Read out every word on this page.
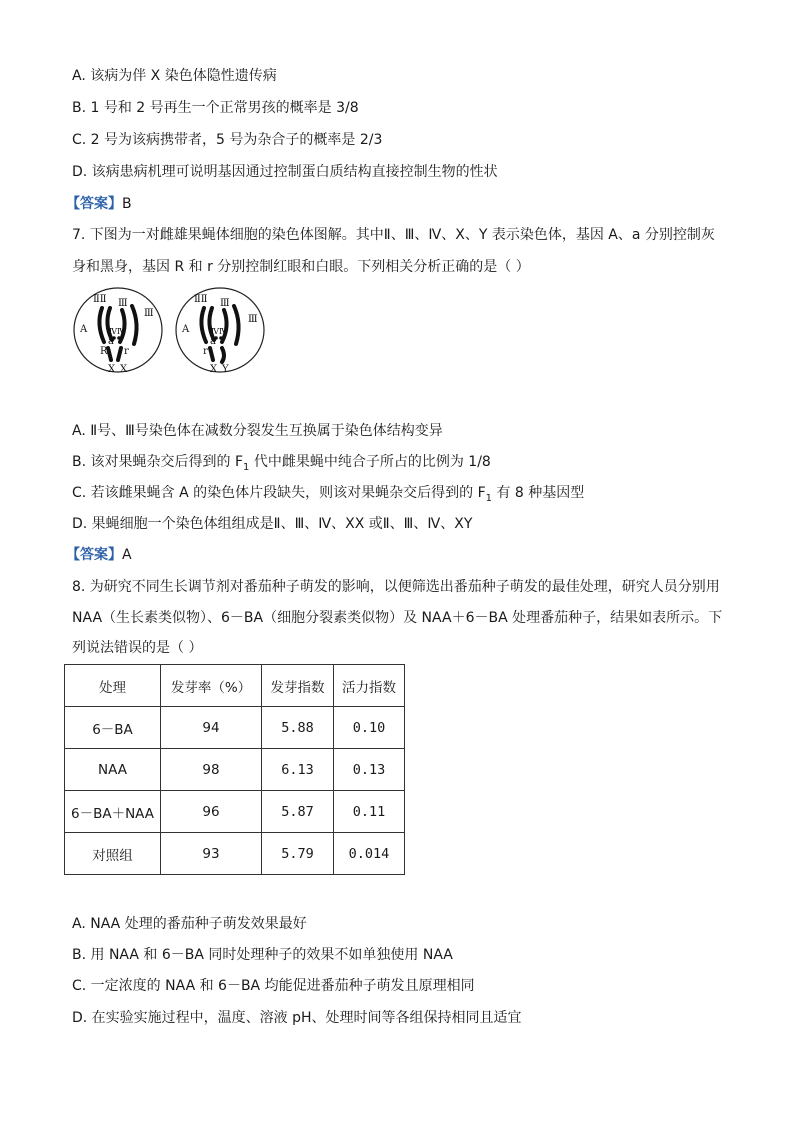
A. 该病为伴 X 染色体隐性遗传病
B. 1 号和 2 号再生一个正常男孩的概率是 3/8
C. 2 号为该病携带者，5 号为杂合子的概率是 2/3
D. 该病患病机理可说明基因通过控制蛋白质结构直接控制生物的性状
【答案】B
7. 下图为一对雌雄果蝇体细胞的染色体图解。其中Ⅱ、Ⅲ、Ⅳ、X、Y 表示染色体，基因 A、a 分别控制灰
身和黑身，基因 R 和 r 分别控制红眼和白眼。下列相关分析正确的是（ ）
ⅡⅡ Ⅲ
Ⅲ
A	ⅣⅣ
a
R r
X X
ⅡⅡ Ⅲ
Ⅲ
A	ⅣⅣ
a
r
X Y
A. Ⅱ号、Ⅲ号染色体在减数分裂发生互换属于染色体结构变异
B. 该对果蝇杂交后得到的 $F_1$ 代中雌果蝇中纯合子所占的比例为 1/8
C. 若该雌果蝇含 A 的染色体片段缺失，则该对果蝇杂交后得到的 $F_1$ 有 8 种基因型
D. 果蝇细胞一个染色体组组成是Ⅱ、Ⅲ、Ⅳ、XX 或Ⅱ、Ⅲ、Ⅳ、XY
【答案】A
8. 为研究不同生长调节剂对番茄种子萌发的影响，以便筛选出番茄种子萌发的最佳处理，研究人员分别用
NAA（生长素类似物）、6－BA（细胞分裂素类似物）及 NAA＋6－BA 处理番茄种子，结果如表所示。下
列说法错误的是（ ）
处理	发芽率（%）	发芽指数	活力指数
6－BA	94	5.88	0.10
NAA	98	6.13	0.13
6－BA＋NAA	96	5.87	0.11
对照组	93	5.79	0.014
A. NAA 处理的番茄种子萌发效果最好
B. 用 NAA 和 6－BA 同时处理种子的效果不如单独使用 NAA
C. 一定浓度的 NAA 和 6－BA 均能促进番茄种子萌发且原理相同
D. 在实验实施过程中，温度、溶液 pH、处理时间等各组保持相同且适宜
